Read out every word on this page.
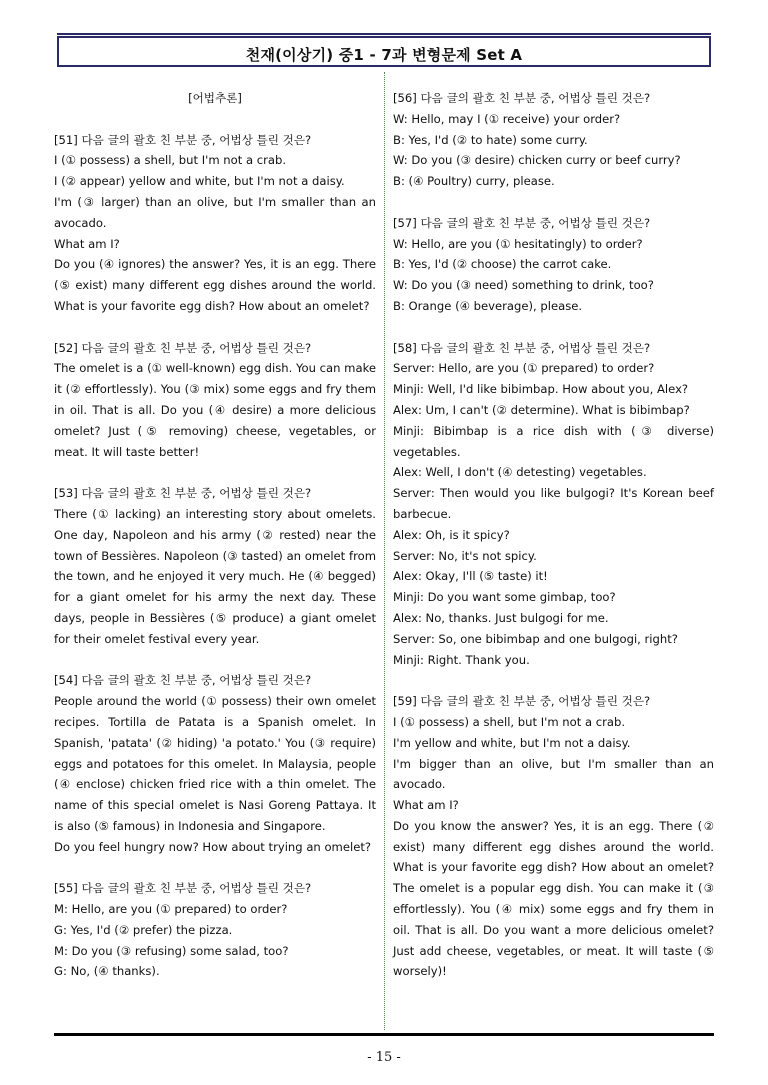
천재(이상기) 중1 - 7과 변형문제 Set A
[어법추론]

[51] 다음 글의 괄호 친 부분 중, 어법상 틀린 것은?

I (① possess) a shell, but I'm not a crab.

I (② appear) yellow and white, but I'm not a daisy.

I'm (③ larger) than an olive, but I'm smaller than an avocado.

What am I?

Do you (④ ignores) the answer? Yes, it is an egg. There (⑤ exist) many different egg dishes around the world. What is your favorite egg dish? How about an omelet?

[52] 다음 글의 괄호 친 부분 중, 어법상 틀린 것은?

The omelet is a (① well-known) egg dish. You can make it (② effortlessly). You (③ mix) some eggs and fry them in oil. That is all. Do you (④ desire) a more delicious omelet? Just (⑤ removing) cheese, vegetables, or meat. It will taste better!

[53] 다음 글의 괄호 친 부분 중, 어법상 틀린 것은?

There (① lacking) an interesting story about omelets. One day, Napoleon and his army (② rested) near the town of Bessières. Napoleon (③ tasted) an omelet from the town, and he enjoyed it very much. He (④ begged) for a giant omelet for his army the next day. These days, people in Bessières (⑤ produce) a giant omelet for their omelet festival every year.

[54] 다음 글의 괄호 친 부분 중, 어법상 틀린 것은?

People around the world (① possess) their own omelet recipes. Tortilla de Patata is a Spanish omelet. In Spanish, 'patata' (② hiding) 'a potato.' You (③ require) eggs and potatoes for this omelet. In Malaysia, people (④ enclose) chicken fried rice with a thin omelet. The name of this special omelet is Nasi Goreng Pattaya. It is also (⑤ famous) in Indonesia and Singapore.

Do you feel hungry now? How about trying an omelet?

[55] 다음 글의 괄호 친 부분 중, 어법상 틀린 것은?

M: Hello, are you (① prepared) to order?

G: Yes, I'd (② prefer) the pizza.

M: Do you (③ refusing) some salad, too?

G: No, (④ thanks).

[56] 다음 글의 괄호 친 부분 중, 어법상 틀린 것은?

W: Hello, may I (① receive) your order?

B: Yes, I'd (② to hate) some curry.

W: Do you (③ desire) chicken curry or beef curry?

B: (④ Poultry) curry, please.

[57] 다음 글의 괄호 친 부분 중, 어법상 틀린 것은?

W: Hello, are you (① hesitatingly) to order?

B: Yes, I'd (② choose) the carrot cake.

W: Do you (③ need) something to drink, too?

B: Orange (④ beverage), please.

[58] 다음 글의 괄호 친 부분 중, 어법상 틀린 것은?

Server: Hello, are you (① prepared) to order?

Minji: Well, I'd like bibimbap. How about you, Alex?

Alex: Um, I can't (② determine). What is bibimbap?

Minji: Bibimbap is a rice dish with (③ diverse) vegetables.

Alex: Well, I don't (④ detesting) vegetables.

Server: Then would you like bulgogi? It's Korean beef barbecue.

Alex: Oh, is it spicy?

Server: No, it's not spicy.

Alex: Okay, I'll (⑤ taste) it!

Minji: Do you want some gimbap, too?

Alex: No, thanks. Just bulgogi for me.

Server: So, one bibimbap and one bulgogi, right?

Minji: Right. Thank you.

[59] 다음 글의 괄호 친 부분 중, 어법상 틀린 것은?

I (① possess) a shell, but I'm not a crab.

I'm yellow and white, but I'm not a daisy.

I'm bigger than an olive, but I'm smaller than an avocado.

What am I?

Do you know the answer? Yes, it is an egg. There (② exist) many different egg dishes around the world. What is your favorite egg dish? How about an omelet? The omelet is a popular egg dish. You can make it (③ effortlessly). You (④ mix) some eggs and fry them in oil. That is all. Do you want a more delicious omelet? Just add cheese, vegetables, or meat. It will taste (⑤ worsely)!

- 15 -
